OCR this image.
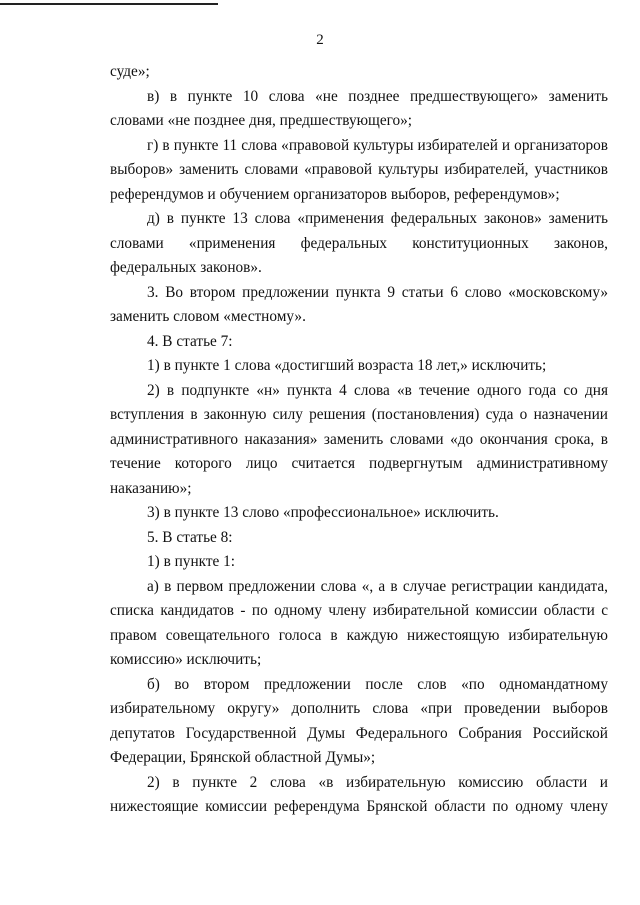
2

суде»;

в) в пункте 10 слова «не позднее предшествующего» заменить словами «не позднее дня, предшествующего»;

г) в пункте 11 слова «правовой культуры избирателей и организаторов выборов» заменить словами «правовой культуры избирателей, участников референдумов и обучением организаторов выборов, референдумов»;

д) в пункте 13 слова «применения федеральных законов» заменить словами «применения федеральных конституционных законов, федеральных законов».

3. Во втором предложении пункта 9 статьи 6 слово «московскому» заменить словом «местному».

4. В статье 7:

1) в пункте 1 слова «достигший возраста 18 лет,» исключить;

2) в подпункте «н» пункта 4 слова «в течение одного года со дня вступления в законную силу решения (постановления) суда о назначении административного наказания» заменить словами «до окончания срока, в течение которого лицо считается подвергнутым административному наказанию»;

3) в пункте 13 слово «профессиональное» исключить.

5. В статье 8:

1) в пункте 1:

а) в первом предложении слова «, а в случае регистрации кандидата, списка кандидатов - по одному члену избирательной комиссии области с правом совещательного голоса в каждую нижестоящую избирательную комиссию» исключить;

б) во втором предложении после слов «по одномандатному избирательному округу» дополнить слова «при проведении выборов депутатов Государственной Думы Федерального Собрания Российской Федерации, Брянской областной Думы»;

2) в пункте 2 слова «в избирательную комиссию области и нижестоящие комиссии референдума Брянской области по одному члену
